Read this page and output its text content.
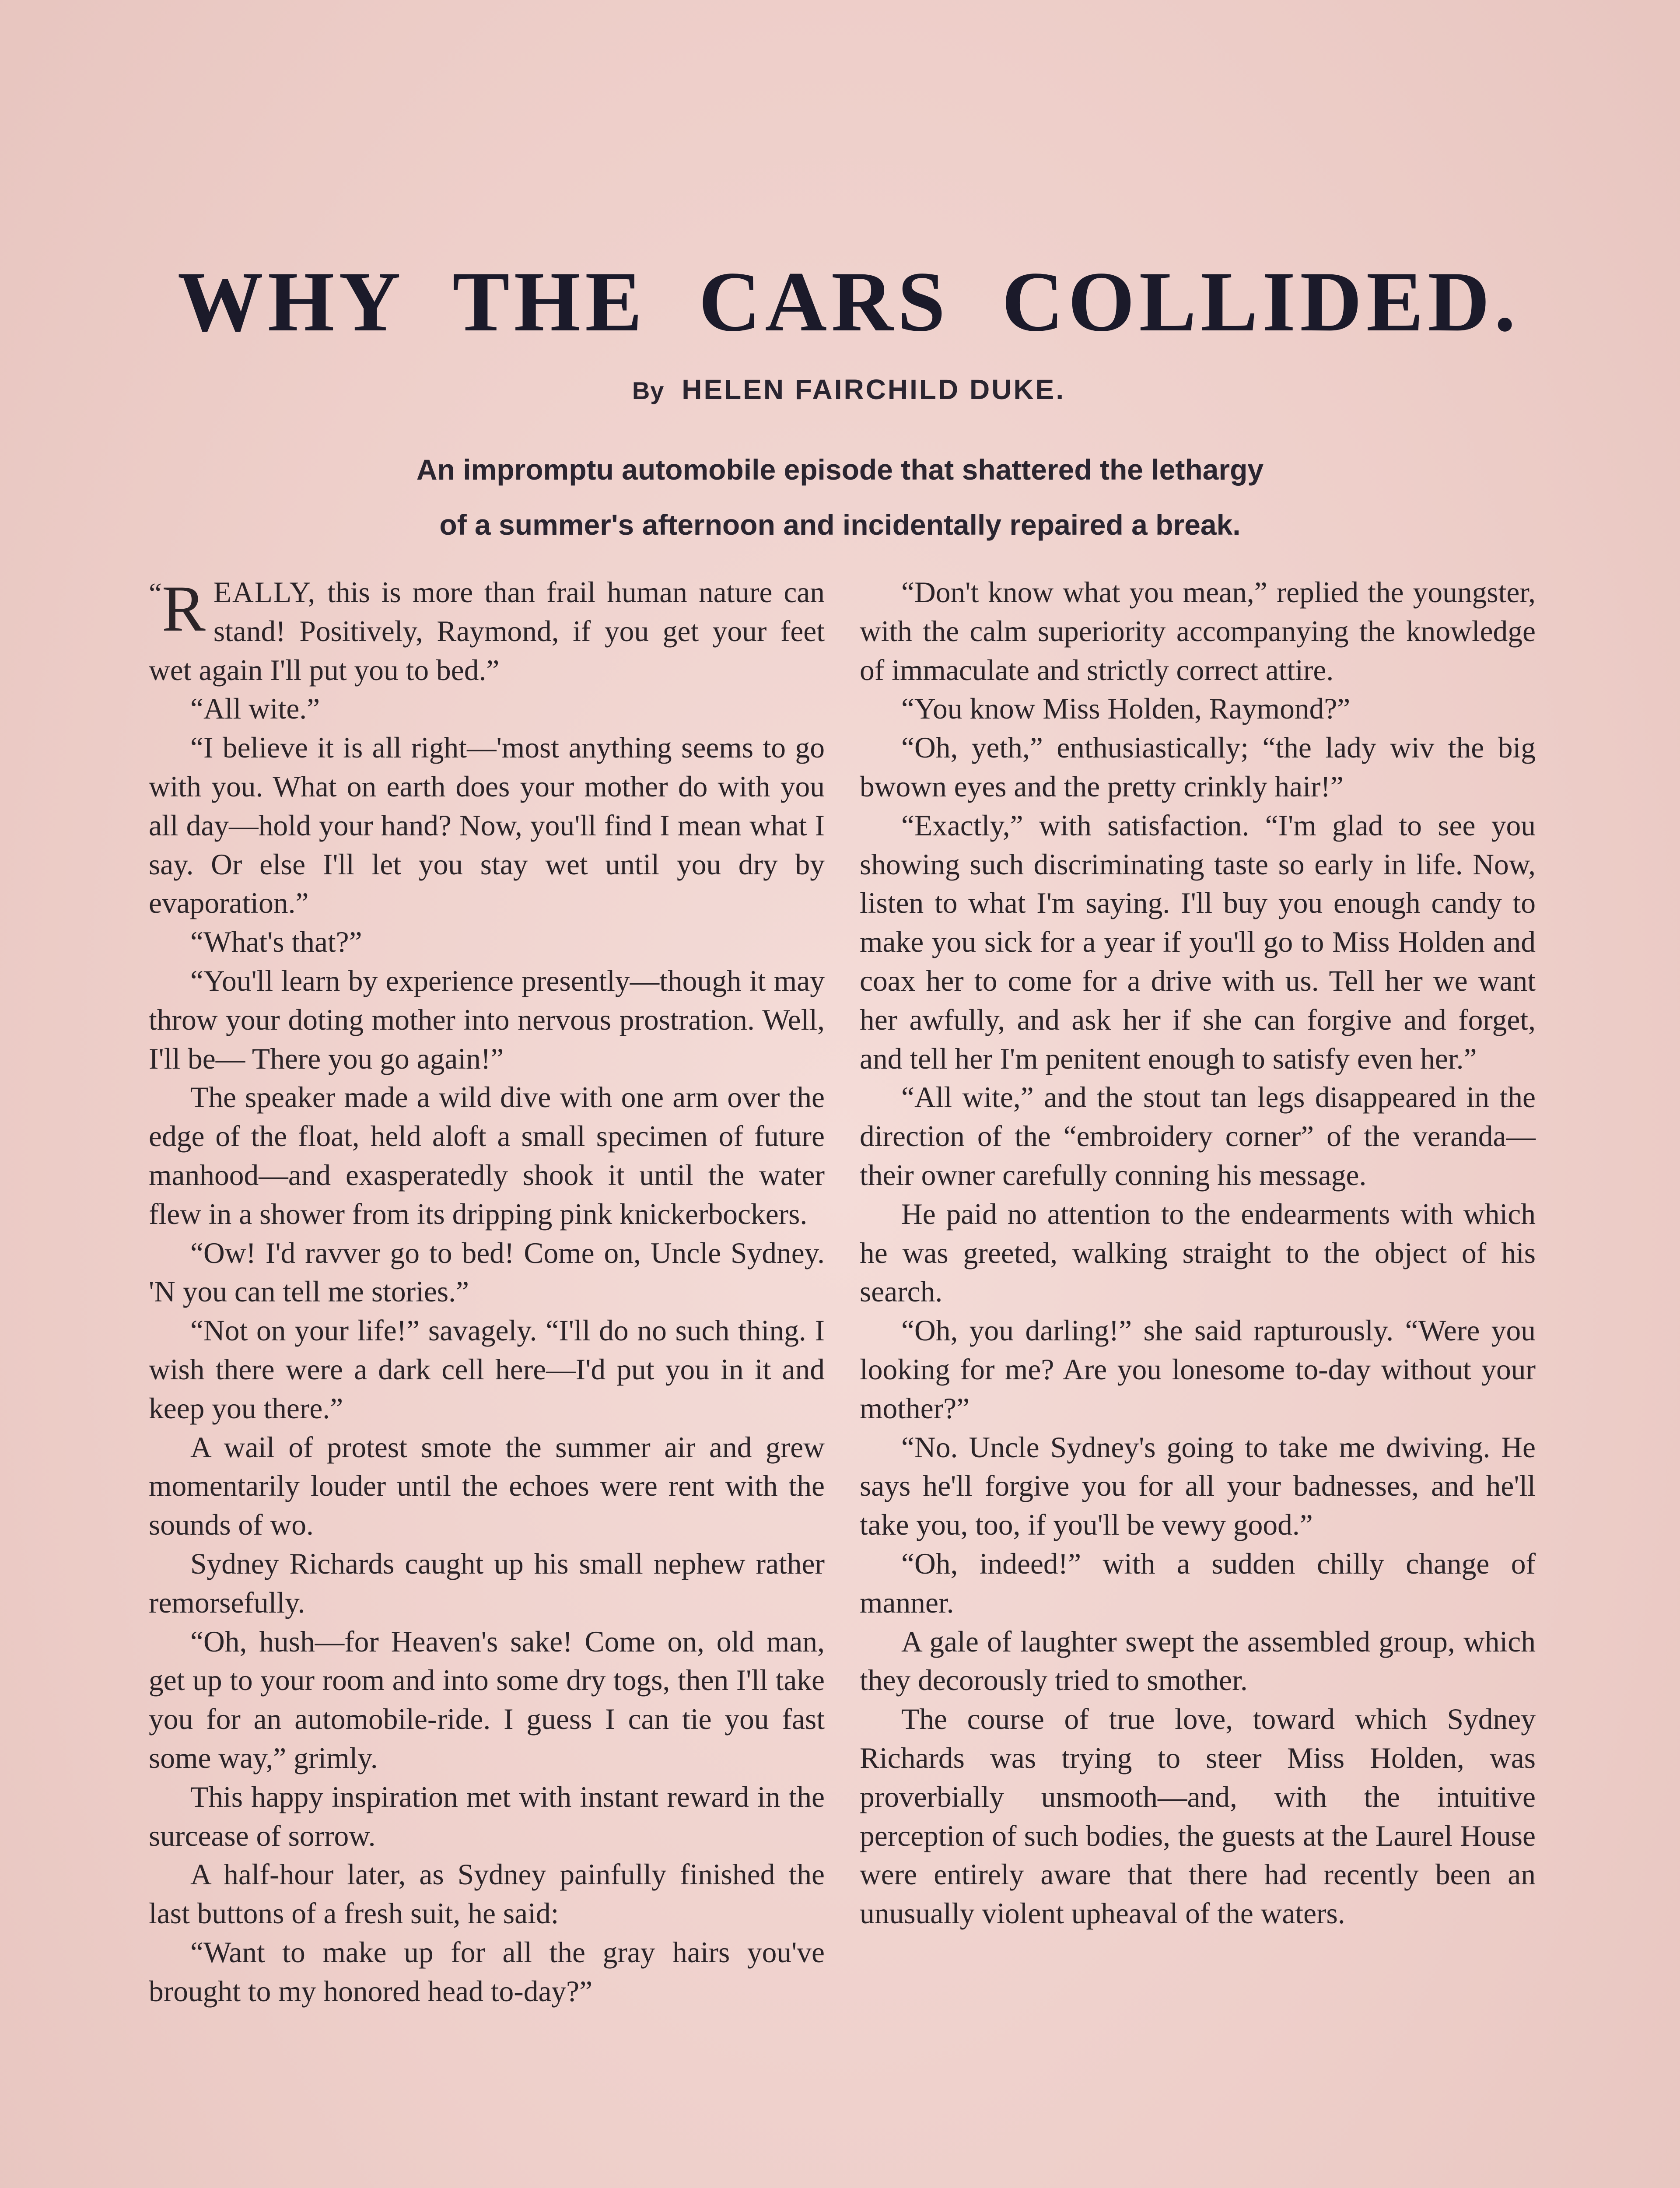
WHY THE CARS COLLIDED.
By HELEN FAIRCHILD DUKE.
An impromptu automobile episode that shattered the lethargy
of a summer's afternoon and incidentally repaired a break.

“R EALLY, this is more than frail human nature can stand! Positively, Raymond, if you get your feet wet again I'll put you to bed.”

“All wite.”

“I believe it is all right—'most anything seems to go with you. What on earth does your mother do with you all day—hold your hand? Now, you'll find I mean what I say. Or else I'll let you stay wet until you dry by evaporation.”

“What's that?”

“You'll learn by experience presently—though it may throw your doting mother into nervous prostration. Well, I'll be— There you go again!”

The speaker made a wild dive with one arm over the edge of the float, held aloft a small specimen of future manhood—and exasperatedly shook it until the water flew in a shower from its dripping pink knickerbockers.

“Ow! I'd ravver go to bed! Come on, Uncle Sydney. 'N you can tell me stories.”

“Not on your life!” savagely. “I'll do no such thing. I wish there were a dark cell here—I'd put you in it and keep you there.”

A wail of protest smote the summer air and grew momentarily louder until the echoes were rent with the sounds of wo.

Sydney Richards caught up his small nephew rather remorsefully.

“Oh, hush—for Heaven's sake! Come on, old man, get up to your room and into some dry togs, then I'll take you for an automobile-ride. I guess I can tie you fast some way,” grimly.

This happy inspiration met with instant reward in the surcease of sorrow.

A half-hour later, as Sydney painfully finished the last buttons of a fresh suit, he said:

“Want to make up for all the gray hairs you've brought to my honored head to-day?”

“Don't know what you mean,” replied the youngster, with the calm superiority accompanying the knowledge of immaculate and strictly correct attire.

“You know Miss Holden, Raymond?”

“Oh, yeth,” enthusiastically; “the lady wiv the big bwown eyes and the pretty crinkly hair!”

“Exactly,” with satisfaction. “I'm glad to see you showing such discriminating taste so early in life. Now, listen to what I'm saying. I'll buy you enough candy to make you sick for a year if you'll go to Miss Holden and coax her to come for a drive with us. Tell her we want her awfully, and ask her if she can forgive and forget, and tell her I'm penitent enough to satisfy even her.”

“All wite,” and the stout tan legs disappeared in the direction of the “embroidery corner” of the veranda—their owner carefully conning his message.

He paid no attention to the endearments with which he was greeted, walking straight to the object of his search.

“Oh, you darling!” she said rapturously. “Were you looking for me? Are you lonesome to-day without your mother?”

“No. Uncle Sydney's going to take me dwiving. He says he'll forgive you for all your badnesses, and he'll take you, too, if you'll be vewy good.”

“Oh, indeed!” with a sudden chilly change of manner.

A gale of laughter swept the assembled group, which they decorously tried to smother.

The course of true love, toward which Sydney Richards was trying to steer Miss Holden, was proverbially unsmooth—and, with the intuitive perception of such bodies, the guests at the Laurel House were entirely aware that there had recently been an unusually violent upheaval of the waters.
